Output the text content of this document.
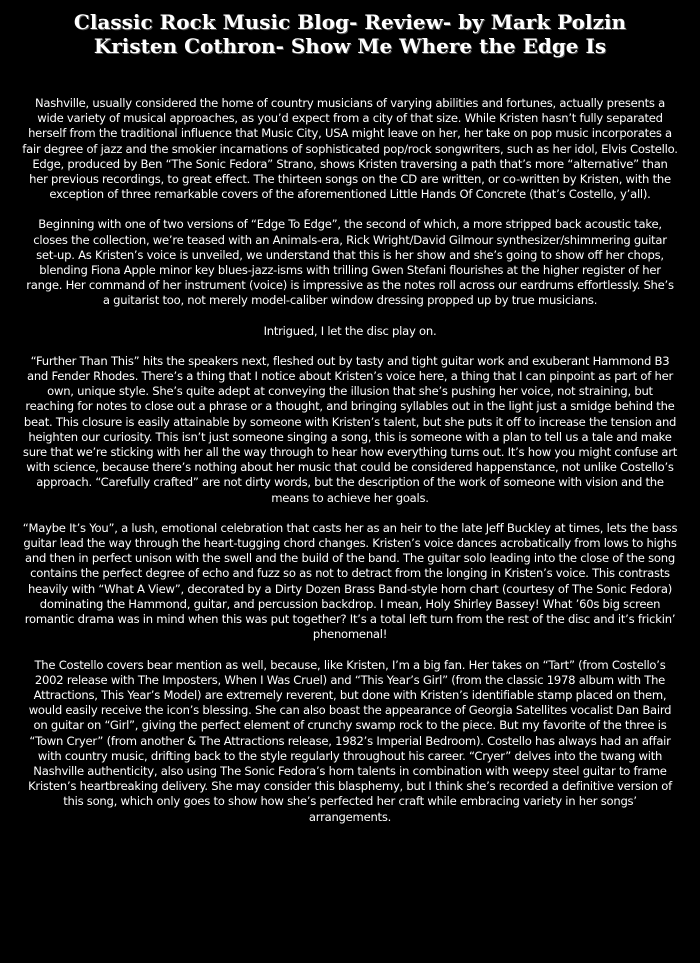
Classic Rock Music Blog- Review- by Mark Polzin
Kristen Cothron- Show Me Where the Edge Is

Nashville, usually considered the home of country musicians of varying abilities and fortunes, actually presents a wide variety of musical approaches, as you’d expect from a city of that size. While Kristen hasn’t fully separated herself from the traditional influence that Music City, USA might leave on her, her take on pop music incorporates a fair degree of jazz and the smokier incarnations of sophisticated pop/rock songwriters, such as her idol, Elvis Costello. Edge, produced by Ben “The Sonic Fedora” Strano, shows Kristen traversing a path that’s more “alternative” than her previous recordings, to great effect. The thirteen songs on the CD are written, or co-written by Kristen, with the exception of three remarkable covers of the aforementioned Little Hands Of Concrete (that’s Costello, y’all).

Beginning with one of two versions of “Edge To Edge”, the second of which, a more stripped back acoustic take, closes the collection, we’re teased with an Animals-era, Rick Wright/David Gilmour synthesizer/shimmering guitar set-up. As Kristen’s voice is unveiled, we understand that this is her show and she’s going to show off her chops, blending Fiona Apple minor key blues-jazz-isms with trilling Gwen Stefani flourishes at the higher register of her range. Her command of her instrument (voice) is impressive as the notes roll across our eardrums effortlessly. She’s a guitarist too, not merely model-caliber window dressing propped up by true musicians.

Intrigued, I let the disc play on.

“Further Than This” hits the speakers next, fleshed out by tasty and tight guitar work and exuberant Hammond B3 and Fender Rhodes. There’s a thing that I notice about Kristen’s voice here, a thing that I can pinpoint as part of her own, unique style. She’s quite adept at conveying the illusion that she’s pushing her voice, not straining, but reaching for notes to close out a phrase or a thought, and bringing syllables out in the light just a smidge behind the beat. This closure is easily attainable by someone with Kristen’s talent, but she puts it off to increase the tension and heighten our curiosity. This isn’t just someone singing a song, this is someone with a plan to tell us a tale and make sure that we’re sticking with her all the way through to hear how everything turns out. It’s how you might confuse art with science, because there’s nothing about her music that could be considered happenstance, not unlike Costello’s approach. “Carefully crafted” are not dirty words, but the description of the work of someone with vision and the means to achieve her goals.

“Maybe It’s You”, a lush, emotional celebration that casts her as an heir to the late Jeff Buckley at times, lets the bass guitar lead the way through the heart-tugging chord changes. Kristen’s voice dances acrobatically from lows to highs and then in perfect unison with the swell and the build of the band. The guitar solo leading into the close of the song contains the perfect degree of echo and fuzz so as not to detract from the longing in Kristen’s voice. This contrasts heavily with “What A View”, decorated by a Dirty Dozen Brass Band-style horn chart (courtesy of The Sonic Fedora) dominating the Hammond, guitar, and percussion backdrop. I mean, Holy Shirley Bassey! What ’60s big screen romantic drama was in mind when this was put together? It’s a total left turn from the rest of the disc and it’s frickin’ phenomenal!

The Costello covers bear mention as well, because, like Kristen, I’m a big fan. Her takes on “Tart” (from Costello’s 2002 release with The Imposters, When I Was Cruel) and “This Year’s Girl” (from the classic 1978 album with The Attractions, This Year’s Model) are extremely reverent, but done with Kristen’s identifiable stamp placed on them, would easily receive the icon’s blessing. She can also boast the appearance of Georgia Satellites vocalist Dan Baird on guitar on “Girl”, giving the perfect element of crunchy swamp rock to the piece. But my favorite of the three is “Town Cryer” (from another & The Attractions release, 1982’s Imperial Bedroom). Costello has always had an affair with country music, drifting back to the style regularly throughout his career. “Cryer” delves into the twang with Nashville authenticity, also using The Sonic Fedora’s horn talents in combination with weepy steel guitar to frame Kristen’s heartbreaking delivery. She may consider this blasphemy, but I think she’s recorded a definitive version of this song, which only goes to show how she’s perfected her craft while embracing variety in her songs’ arrangements.
